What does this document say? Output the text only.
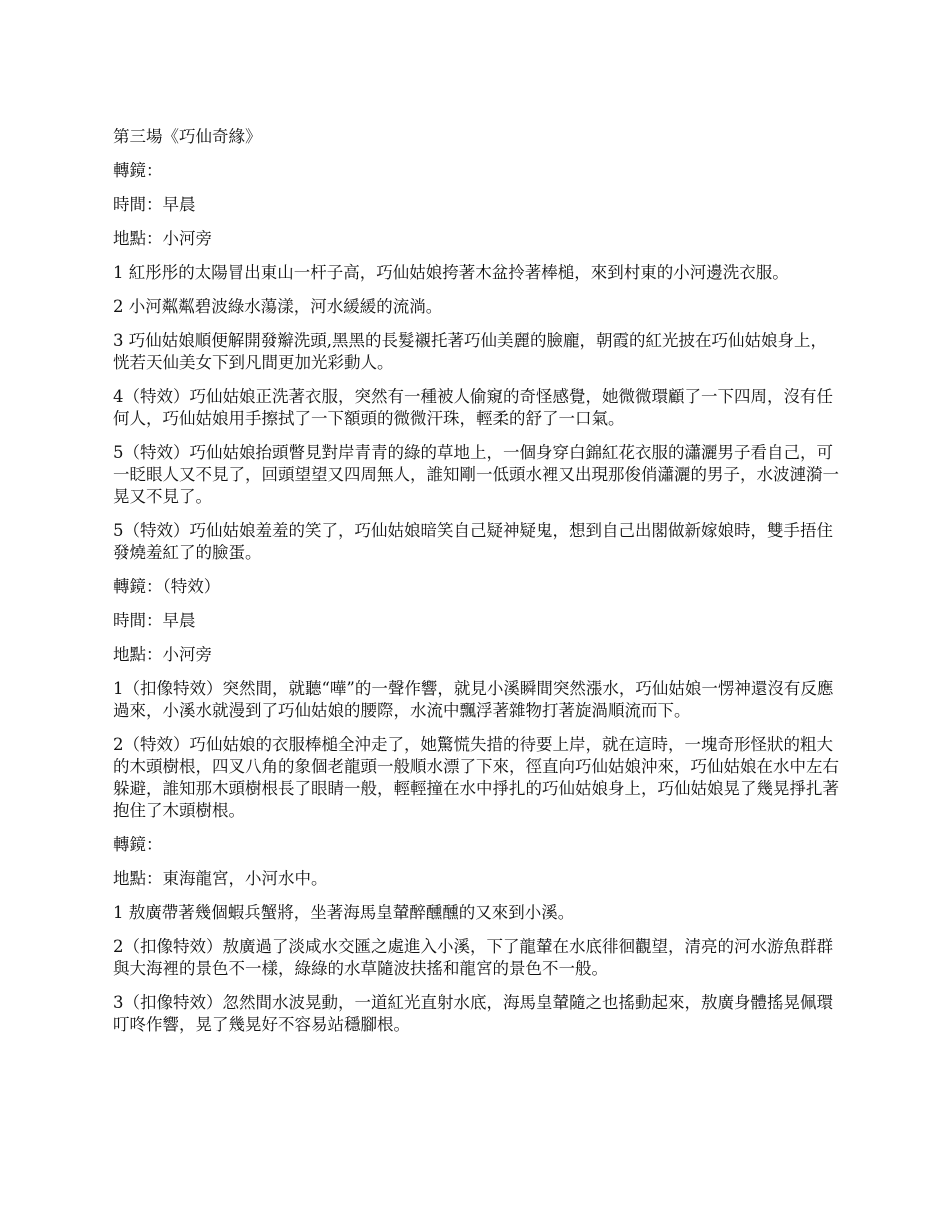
第三場《巧仙奇緣》

轉鏡：

時間：早晨

地點：小河旁

1 紅彤彤的太陽冒出東山一杆子高，巧仙姑娘挎著木盆拎著棒槌，來到村東的小河邊洗衣服。

2 小河粼粼碧波綠水蕩漾，河水緩緩的流淌。

3 巧仙姑娘順便解開發辮洗頭,黑黑的長髮襯托著巧仙美麗的臉龐，朝霞的紅光披在巧仙姑娘身上，恍若天仙美女下到凡間更加光彩動人。

4（特效）巧仙姑娘正洗著衣服，突然有一種被人偷窺的奇怪感覺，她微微環顧了一下四周，沒有任何人，巧仙姑娘用手擦拭了一下額頭的微微汗珠，輕柔的舒了一口氣。

5（特效）巧仙姑娘抬頭瞥見對岸青青的綠的草地上，一個身穿白錦紅花衣服的瀟灑男子看自己，可一眨眼人又不見了，回頭望望又四周無人，誰知剛一低頭水裡又出現那俊俏瀟灑的男子，水波漣漪一晃又不見了。

5（特效）巧仙姑娘羞羞的笑了，巧仙姑娘暗笑自己疑神疑鬼，想到自己出閣做新嫁娘時，雙手捂住發燒羞紅了的臉蛋。

轉鏡：（特效）

時間：早晨

地點：小河旁

1（扣像特效）突然間，就聽“嘩”的一聲作響，就見小溪瞬間突然漲水，巧仙姑娘一愣神還沒有反應過來，小溪水就漫到了巧仙姑娘的腰際，水流中飄浮著雜物打著旋渦順流而下。

2（特效）巧仙姑娘的衣服棒槌全沖走了，她驚慌失措的待要上岸，就在這時，一塊奇形怪狀的粗大的木頭樹根，四叉八角的象個老龍頭一般順水漂了下來，徑直向巧仙姑娘沖來，巧仙姑娘在水中左右躲避，誰知那木頭樹根長了眼睛一般，輕輕撞在水中掙扎的巧仙姑娘身上，巧仙姑娘晃了幾晃掙扎著抱住了木頭樹根。

轉鏡：

地點：東海龍宮，小河水中。

1 敖廣帶著幾個蝦兵蟹將，坐著海馬皇輦醉醺醺的又來到小溪。

2（扣像特效）敖廣過了淡咸水交匯之處進入小溪，下了龍輦在水底徘徊觀望，清亮的河水游魚群群與大海裡的景色不一樣，綠綠的水草隨波扶搖和龍宮的景色不一般。

3（扣像特效）忽然間水波晃動，一道紅光直射水底，海馬皇輦隨之也搖動起來，敖廣身體搖晃佩環叮咚作響，晃了幾晃好不容易站穩腳根。
